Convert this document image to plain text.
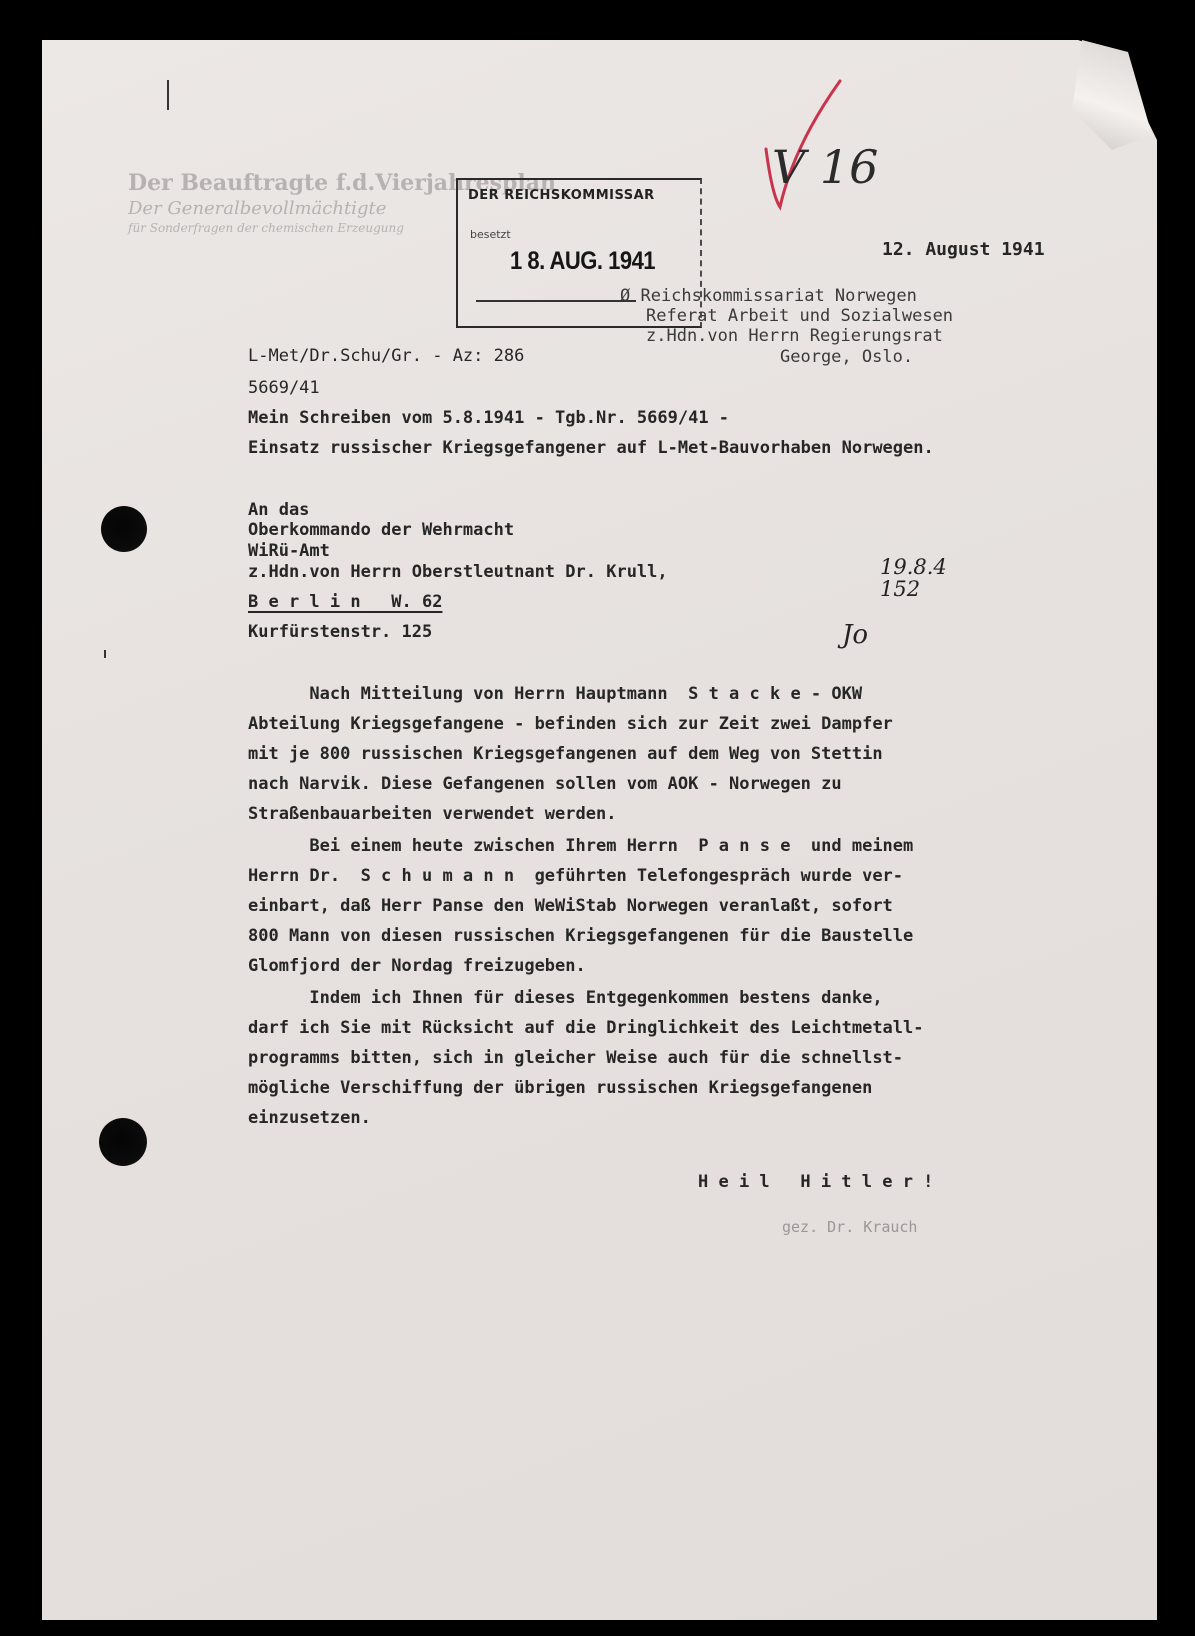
V 16
Der Beauftragte f.d.Vierjahresplan
Der Generalbevollmächtigte
für Sonderfragen der chemischen Erzeugung
DER REICHSKOMMISSAR
besetzt
1 8. AUG. 1941	12. August 1941
Ø Reichskommissariat Norwegen
Referat Arbeit und Sozialwesen
z.Hdn.von Herrn Regierungsrat
George, Oslo.
L-Met/Dr.Schu/Gr. - Az: 286
5669/41
Mein Schreiben vom 5.8.1941 - Tgb.Nr. 5669/41 -
Einsatz russischer Kriegsgefangener auf L-Met-Bauvorhaben Norwegen.
An das
Oberkommando der Wehrmacht
WiRü-Amt
z.Hdn.von Herrn Oberstleutnant Dr. Krull,
B e r l i n   W. 62
Kurfürstenstr. 125
19.8.4
152
Jo
Nach Mitteilung von Herrn Hauptmann  S t a c k e - OKW
Abteilung Kriegsgefangene - befinden sich zur Zeit zwei Dampfer
mit je 800 russischen Kriegsgefangenen auf dem Weg von Stettin
nach Narvik. Diese Gefangenen sollen vom AOK - Norwegen zu
Straßenbauarbeiten verwendet werden.
Bei einem heute zwischen Ihrem Herrn  P a n s e  und meinem
Herrn Dr.  S c h u m a n n  geführten Telefongespräch wurde ver-
einbart, daß Herr Panse den WeWiStab Norwegen veranlaßt, sofort
800 Mann von diesen russischen Kriegsgefangenen für die Baustelle
Glomfjord der Nordag freizugeben.
Indem ich Ihnen für dieses Entgegenkommen bestens danke,
darf ich Sie mit Rücksicht auf die Dringlichkeit des Leichtmetall-
programms bitten, sich in gleicher Weise auch für die schnellst-
mögliche Verschiffung der übrigen russischen Kriegsgefangenen
einzusetzen.
H e i l   H i t l e r !
gez. Dr. Krauch
